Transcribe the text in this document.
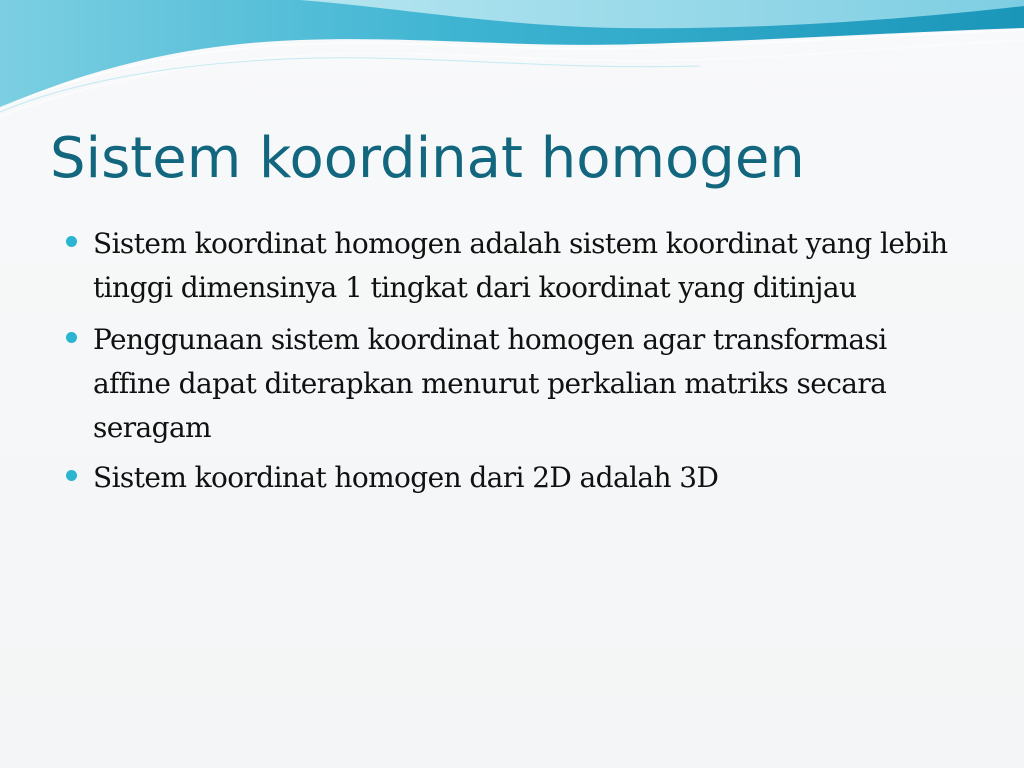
Sistem koordinat homogen
Sistem koordinat homogen adalah sistem koordinat yang lebih tinggi dimensinya 1 tingkat dari koordinat yang ditinjau
Penggunaan sistem koordinat homogen agar transformasi affine dapat diterapkan menurut perkalian matriks secara seragam
Sistem koordinat homogen dari 2D adalah 3D
